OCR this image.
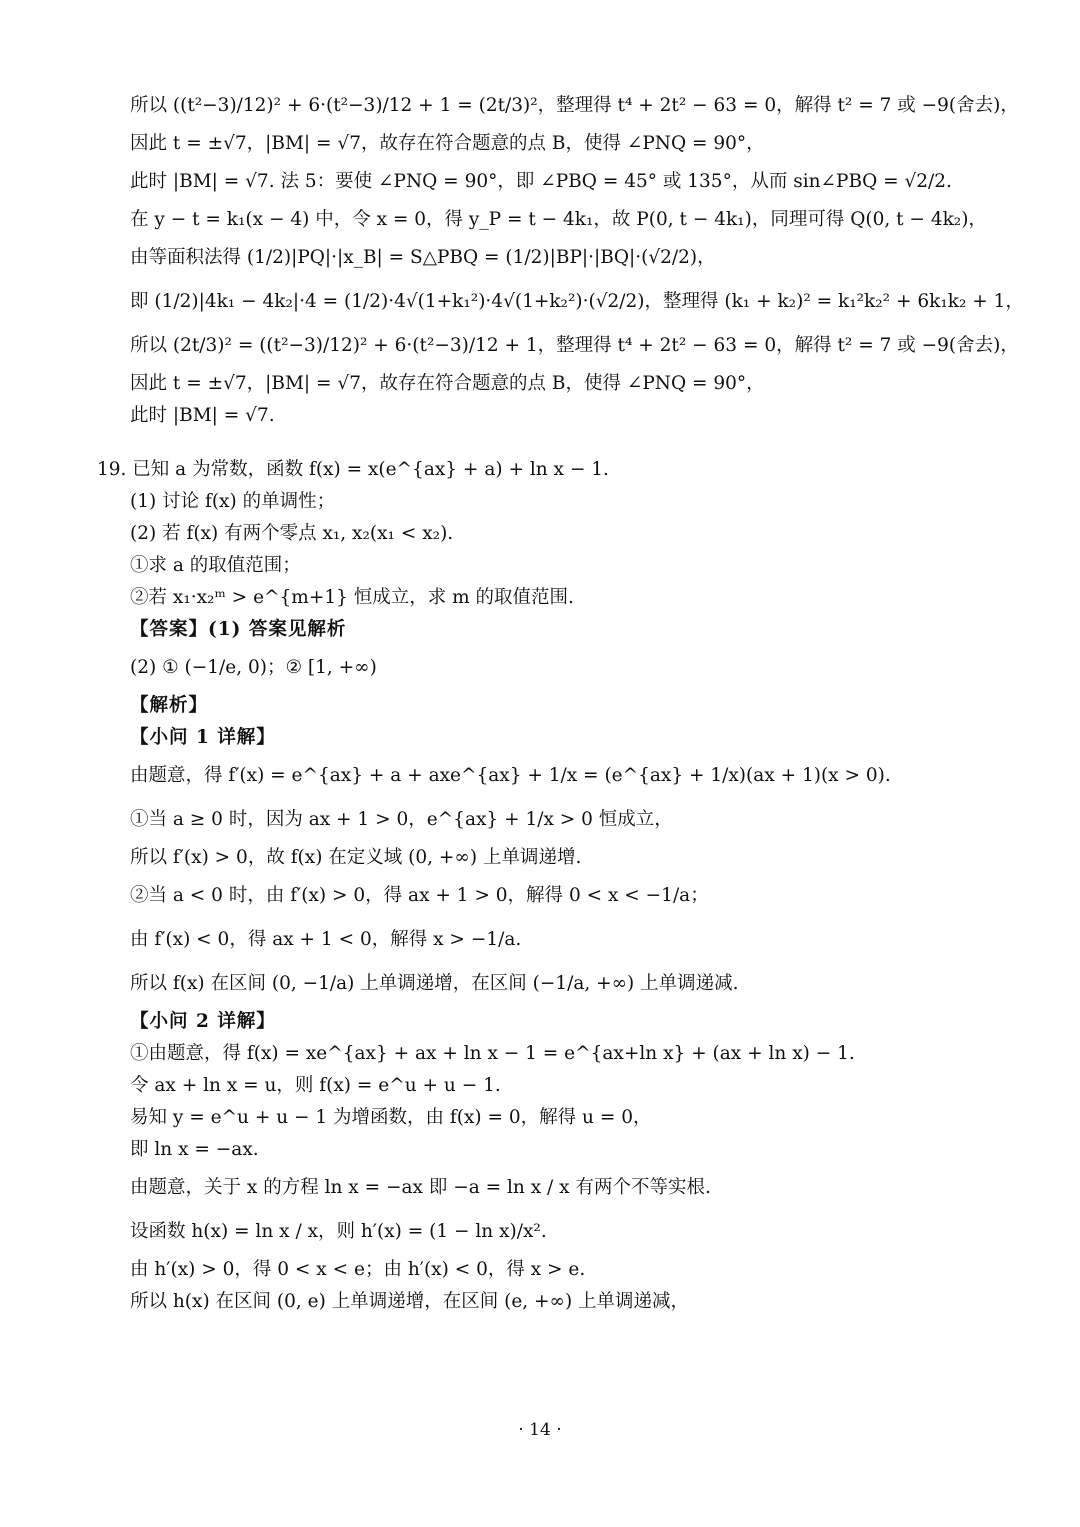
所以 ((t²−3)/12)² + 6·(t²−3)/12 + 1 = (2t/3)²，整理得 t⁴ + 2t² − 63 = 0，解得 t² = 7 或 −9(舍去)，
因此 t = ±√7，|BM| = √7，故存在符合题意的点 B，使得 ∠PNQ = 90°，
此时 |BM| = √7. 法 5：要使 ∠PNQ = 90°，即 ∠PBQ = 45° 或 135°，从而 sin∠PBQ = √2/2.
在 y − t = k₁(x − 4) 中，令 x = 0，得 y_P = t − 4k₁，故 P(0, t − 4k₁)，同理可得 Q(0, t − 4k₂)，
由等面积法得 (1/2)|PQ|·|x_B| = S△PBQ = (1/2)|BP|·|BQ|·(√2/2)，
即 (1/2)|4k₁ − 4k₂|·4 = (1/2)·4√(1+k₁²)·4√(1+k₂²)·(√2/2)，整理得 (k₁ + k₂)² = k₁²k₂² + 6k₁k₂ + 1，
所以 (2t/3)² = ((t²−3)/12)² + 6·(t²−3)/12 + 1，整理得 t⁴ + 2t² − 63 = 0，解得 t² = 7 或 −9(舍去)，
因此 t = ±√7，|BM| = √7，故存在符合题意的点 B，使得 ∠PNQ = 90°，
此时 |BM| = √7.
19. 已知 a 为常数，函数 f(x) = x(e^{ax} + a) + ln x − 1.
(1) 讨论 f(x) 的单调性；
(2) 若 f(x) 有两个零点 x₁, x₂(x₁ < x₂).
①求 a 的取值范围；
②若 x₁·x₂ᵐ > e^{m+1} 恒成立，求 m 的取值范围.
【答案】(1) 答案见解析
(2) ① (−1/e, 0)；② [1, +∞)
【解析】
【小问 1 详解】
由题意，得 f′(x) = e^{ax} + a + axe^{ax} + 1/x = (e^{ax} + 1/x)(ax + 1)(x > 0).
①当 a ≥ 0 时，因为 ax + 1 > 0，e^{ax} + 1/x > 0 恒成立，
所以 f′(x) > 0，故 f(x) 在定义域 (0, +∞) 上单调递增.
②当 a < 0 时，由 f′(x) > 0，得 ax + 1 > 0，解得 0 < x < −1/a；
由 f′(x) < 0，得 ax + 1 < 0，解得 x > −1/a.
所以 f(x) 在区间 (0, −1/a) 上单调递增，在区间 (−1/a, +∞) 上单调递减.
【小问 2 详解】
①由题意，得 f(x) = xe^{ax} + ax + ln x − 1 = e^{ax+ln x} + (ax + ln x) − 1.
令 ax + ln x = u，则 f(x) = e^u + u − 1.
易知 y = e^u + u − 1 为增函数，由 f(x) = 0，解得 u = 0，
即 ln x = −ax.
由题意，关于 x 的方程 ln x = −ax 即 −a = ln x / x 有两个不等实根.
设函数 h(x) = ln x / x，则 h′(x) = (1 − ln x)/x².
由 h′(x) > 0，得 0 < x < e；由 h′(x) < 0，得 x > e.
所以 h(x) 在区间 (0, e) 上单调递增，在区间 (e, +∞) 上单调递减，
· 14 ·
